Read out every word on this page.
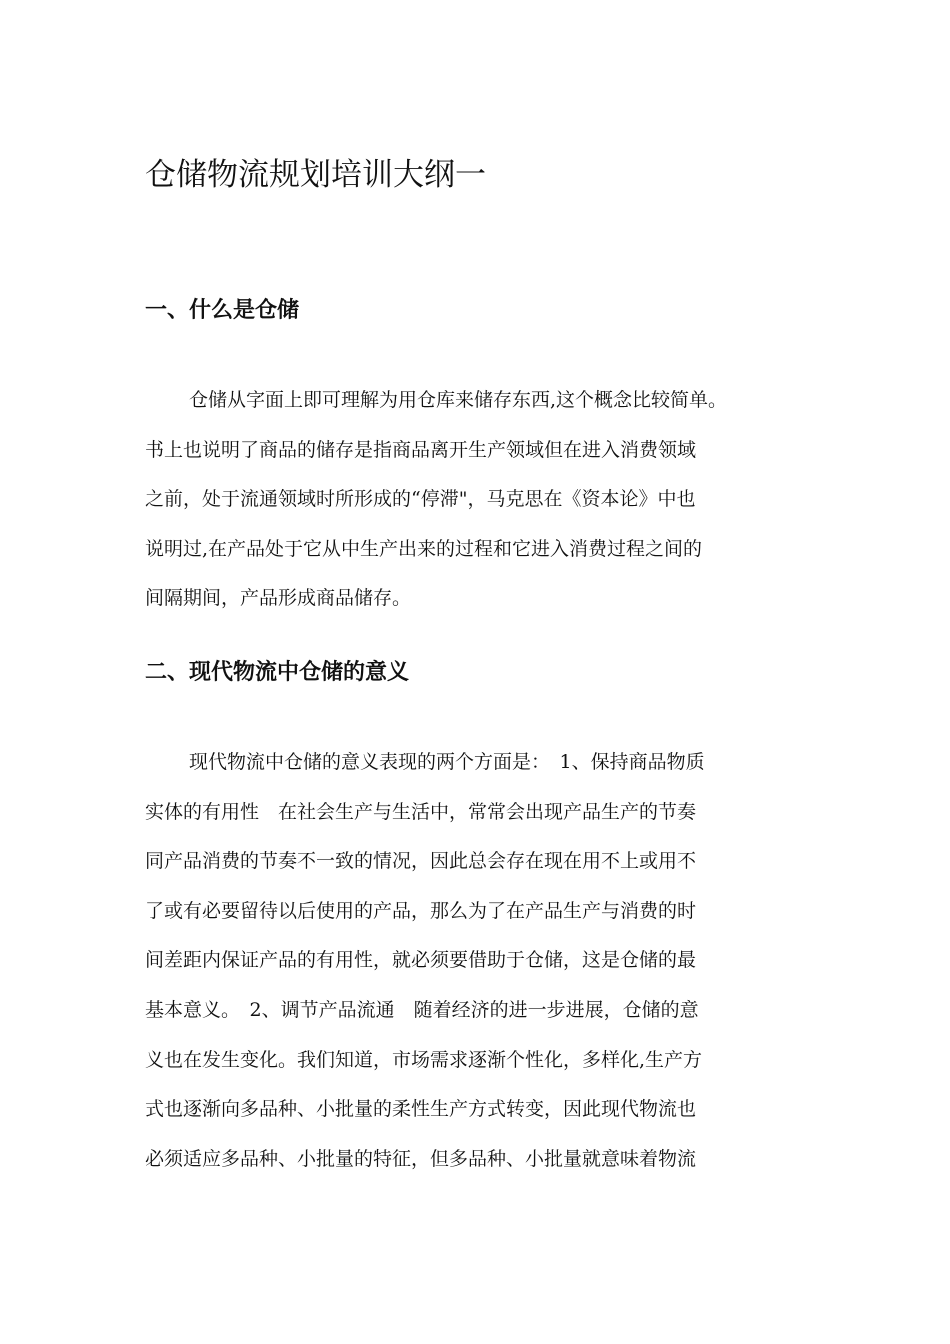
仓储物流规划培训大纲一
一、什么是仓储
仓储从字面上即可理解为用仓库来储存东西,这个概念比较简单。
书上也说明了商品的储存是指商品离开生产领域但在进入消费领域
之前，处于流通领域时所形成的“停滞"，马克思在《资本论》中也
说明过,在产品处于它从中生产出来的过程和它进入消费过程之间的
间隔期间，产品形成商品储存。
二、现代物流中仓储的意义
现代物流中仓储的意义表现的两个方面是：　1、保持商品物质
实体的有用性　在社会生产与生活中，常常会出现产品生产的节奏
同产品消费的节奏不一致的情况，因此总会存在现在用不上或用不
了或有必要留待以后使用的产品，那么为了在产品生产与消费的时
间差距内保证产品的有用性，就必须要借助于仓储，这是仓储的最
基本意义。　2、调节产品流通　随着经济的进一步进展，仓储的意
义也在发生变化。我们知道，市场需求逐渐个性化，多样化,生产方
式也逐渐向多品种、小批量的柔性生产方式转变，因此现代物流也
必须适应多品种、小批量的特征，但多品种、小批量就意味着物流
